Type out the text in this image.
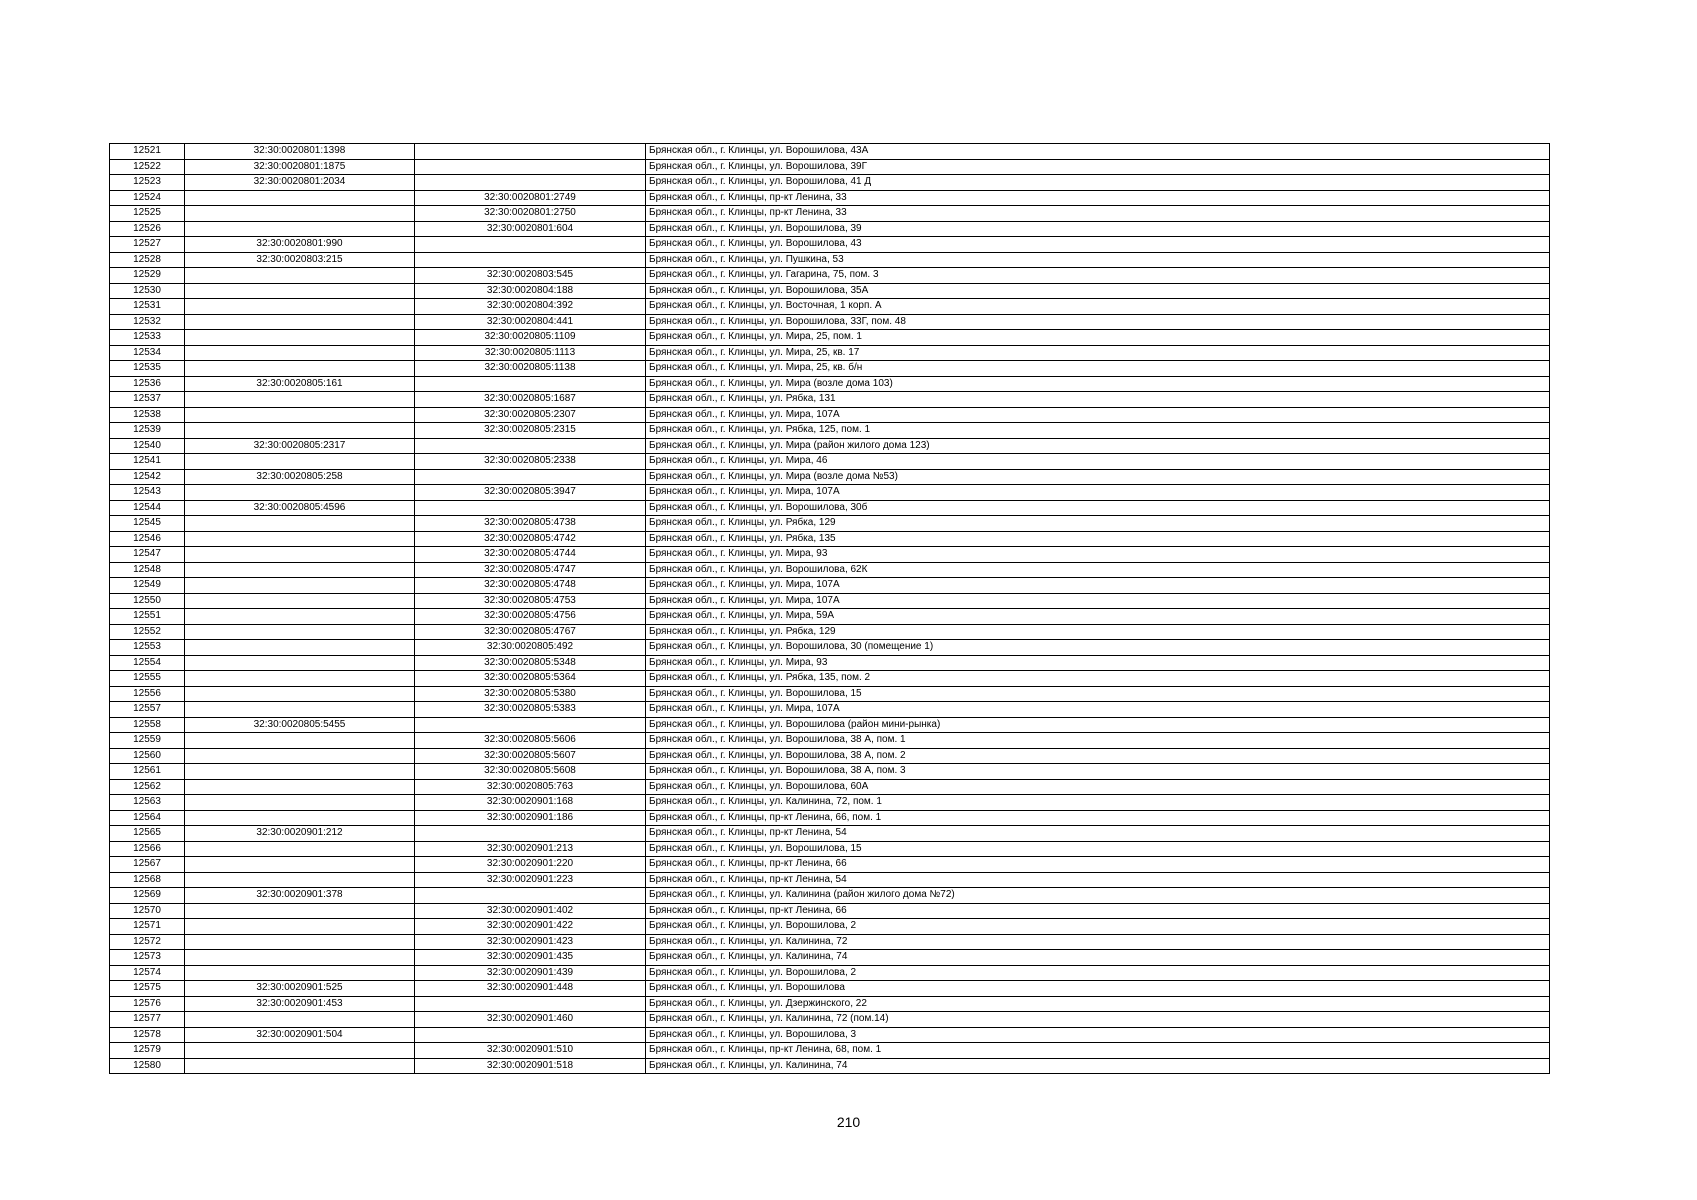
12521	32:30:0020801:1398		Брянская обл., г. Клинцы, ул. Ворошилова, 43А
12522	32:30:0020801:1875		Брянская обл., г. Клинцы, ул. Ворошилова, 39Г
12523	32:30:0020801:2034		Брянская обл., г. Клинцы, ул. Ворошилова, 41 Д
12524		32:30:0020801:2749	Брянская обл., г. Клинцы, пр-кт Ленина, 33
12525		32:30:0020801:2750	Брянская обл., г. Клинцы, пр-кт Ленина, 33
12526		32:30:0020801:604	Брянская обл., г. Клинцы, ул. Ворошилова, 39
12527	32:30:0020801:990		Брянская обл., г. Клинцы, ул. Ворошилова, 43
12528	32:30:0020803:215		Брянская обл., г. Клинцы, ул. Пушкина, 53
12529		32:30:0020803:545	Брянская обл., г. Клинцы, ул. Гагарина, 75, пом. 3
12530		32:30:0020804:188	Брянская обл., г. Клинцы, ул. Ворошилова, 35А
12531		32:30:0020804:392	Брянская обл., г. Клинцы, ул. Восточная, 1 корп. А
12532		32:30:0020804:441	Брянская обл., г. Клинцы, ул. Ворошилова, 33Г, пом. 48
12533		32:30:0020805:1109	Брянская обл., г. Клинцы, ул. Мира, 25, пом. 1
12534		32:30:0020805:1113	Брянская обл., г. Клинцы, ул. Мира, 25, кв. 17
12535		32:30:0020805:1138	Брянская обл., г. Клинцы, ул. Мира, 25, кв. б/н
12536	32:30:0020805:161		Брянская обл., г. Клинцы, ул. Мира (возле дома 103)
12537		32:30:0020805:1687	Брянская обл., г. Клинцы, ул. Рябка, 131
12538		32:30:0020805:2307	Брянская обл., г. Клинцы, ул. Мира, 107А
12539		32:30:0020805:2315	Брянская обл., г. Клинцы, ул. Рябка, 125, пом. 1
12540	32:30:0020805:2317		Брянская обл., г. Клинцы, ул. Мира (район жилого дома 123)
12541		32:30:0020805:2338	Брянская обл., г. Клинцы, ул. Мира, 46
12542	32:30:0020805:258		Брянская обл., г. Клинцы, ул. Мира (возле дома №53)
12543		32:30:0020805:3947	Брянская обл., г. Клинцы, ул. Мира, 107А
12544	32:30:0020805:4596		Брянская обл., г. Клинцы, ул. Ворошилова, 30б
12545		32:30:0020805:4738	Брянская обл., г. Клинцы, ул. Рябка, 129
12546		32:30:0020805:4742	Брянская обл., г. Клинцы, ул. Рябка, 135
12547		32:30:0020805:4744	Брянская обл., г. Клинцы, ул. Мира, 93
12548		32:30:0020805:4747	Брянская обл., г. Клинцы, ул. Ворошилова, 62К
12549		32:30:0020805:4748	Брянская обл., г. Клинцы, ул. Мира, 107А
12550		32:30:0020805:4753	Брянская обл., г. Клинцы, ул. Мира, 107А
12551		32:30:0020805:4756	Брянская обл., г. Клинцы, ул. Мира, 59А
12552		32:30:0020805:4767	Брянская обл., г. Клинцы, ул. Рябка, 129
12553		32:30:0020805:492	Брянская обл., г. Клинцы, ул. Ворошилова, 30 (помещение 1)
12554		32:30:0020805:5348	Брянская обл., г. Клинцы, ул. Мира, 93
12555		32:30:0020805:5364	Брянская обл., г. Клинцы, ул. Рябка, 135, пом. 2
12556		32:30:0020805:5380	Брянская обл., г. Клинцы, ул. Ворошилова, 15
12557		32:30:0020805:5383	Брянская обл., г. Клинцы, ул. Мира, 107А
12558	32:30:0020805:5455		Брянская обл., г. Клинцы, ул. Ворошилова (район мини-рынка)
12559		32:30:0020805:5606	Брянская обл., г. Клинцы, ул. Ворошилова, 38 А, пом. 1
12560		32:30:0020805:5607	Брянская обл., г. Клинцы, ул. Ворошилова, 38 А, пом. 2
12561		32:30:0020805:5608	Брянская обл., г. Клинцы, ул. Ворошилова, 38 А, пом. 3
12562		32:30:0020805:763	Брянская обл., г. Клинцы, ул. Ворошилова, 60А
12563		32:30:0020901:168	Брянская обл., г. Клинцы, ул. Калинина, 72, пом. 1
12564		32:30:0020901:186	Брянская обл., г. Клинцы, пр-кт Ленина, 66, пом. 1
12565	32:30:0020901:212		Брянская обл., г. Клинцы, пр-кт Ленина, 54
12566		32:30:0020901:213	Брянская обл., г. Клинцы, ул. Ворошилова, 15
12567		32:30:0020901:220	Брянская обл., г. Клинцы, пр-кт Ленина, 66
12568		32:30:0020901:223	Брянская обл., г. Клинцы, пр-кт Ленина, 54
12569	32:30:0020901:378		Брянская обл., г. Клинцы, ул. Калинина (район жилого дома №72)
12570		32:30:0020901:402	Брянская обл., г. Клинцы, пр-кт Ленина, 66
12571		32:30:0020901:422	Брянская обл., г. Клинцы, ул. Ворошилова, 2
12572		32:30:0020901:423	Брянская обл., г. Клинцы, ул. Калинина, 72
12573		32:30:0020901:435	Брянская обл., г. Клинцы, ул. Калинина, 74
12574		32:30:0020901:439	Брянская обл., г. Клинцы, ул. Ворошилова, 2
12575	32:30:0020901:525	32:30:0020901:448	Брянская обл., г. Клинцы, ул. Ворошилова
12576	32:30:0020901:453		Брянская обл., г. Клинцы, ул. Дзержинского, 22
12577		32:30:0020901:460	Брянская обл., г. Клинцы, ул. Калинина, 72 (пом.14)
12578	32:30:0020901:504		Брянская обл., г. Клинцы, ул. Ворошилова, 3
12579		32:30:0020901:510	Брянская обл., г. Клинцы, пр-кт Ленина, 68, пом. 1
12580		32:30:0020901:518	Брянская обл., г. Клинцы, ул. Калинина, 74
210
